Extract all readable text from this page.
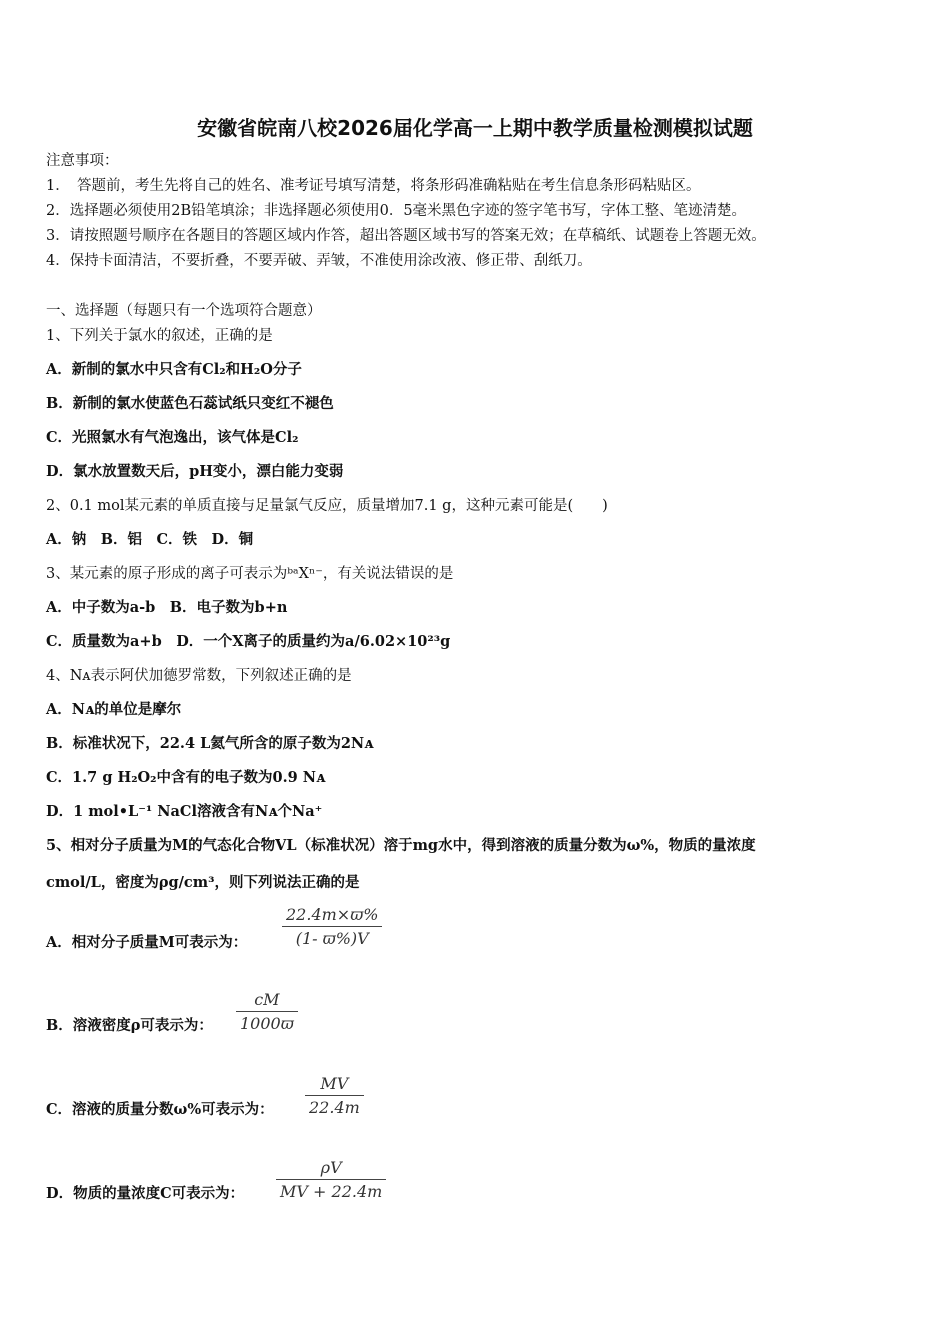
安徽省皖南八校2026届化学高一上期中教学质量检测模拟试题
注意事项：
1．　答题前，考生先将自己的姓名、准考证号填写清楚，将条形码准确粘贴在考生信息条形码粘贴区。
2．选择题必须使用2B铅笔填涂；非选择题必须使用0．5毫米黑色字迹的签字笔书写，字体工整、笔迹清楚。
3．请按照题号顺序在各题目的答题区域内作答，超出答题区域书写的答案无效；在草稿纸、试题卷上答题无效。
4．保持卡面清洁，不要折叠，不要弄破、弄皱，不准使用涂改液、修正带、刮纸刀。
一、选择题（每题只有一个选项符合题意）
1、下列关于氯水的叙述，正确的是
A．新制的氯水中只含有Cl₂和H₂O分子
B．新制的氯水使蓝色石蕊试纸只变红不褪色
C．光照氯水有气泡逸出，该气体是Cl₂
D．氯水放置数天后，pH变小，漂白能力变弱
2、0.1 mol某元素的单质直接与足量氯气反应，质量增加7.1 g，这种元素可能是(　　)
A．钠　B．铝　C．铁　D．铜
3、某元素的原子形成的离子可表示为ᵇᵃXⁿ⁻，有关说法错误的是
A．中子数为a-b　B．电子数为b+n
C．质量数为a+b　D．一个X离子的质量约为a/6.02×10²³g
4、Nᴀ表示阿伏加德罗常数，下列叙述正确的是
A．Nᴀ的单位是摩尔
B．标准状况下，22.4 L氦气所含的原子数为2Nᴀ
C．1.7 g H₂O₂中含有的电子数为0.9 Nᴀ
D．1 mol•L⁻¹ NaCl溶液含有Nᴀ个Na⁺
5、相对分子质量为M的气态化合物VL（标准状况）溶于mg水中，得到溶液的质量分数为ω%，物质的量浓度
cmol/L，密度为ρg/cm³，则下列说法正确的是
A．相对分子质量M可表示为：
22.4m×ϖ%
(1- ϖ%)V
B．溶液密度ρ可表示为：
cM
1000ϖ
C．溶液的质量分数ω%可表示为：
MV
22.4m
D．物质的量浓度C可表示为：
ρV
MV + 22.4m
